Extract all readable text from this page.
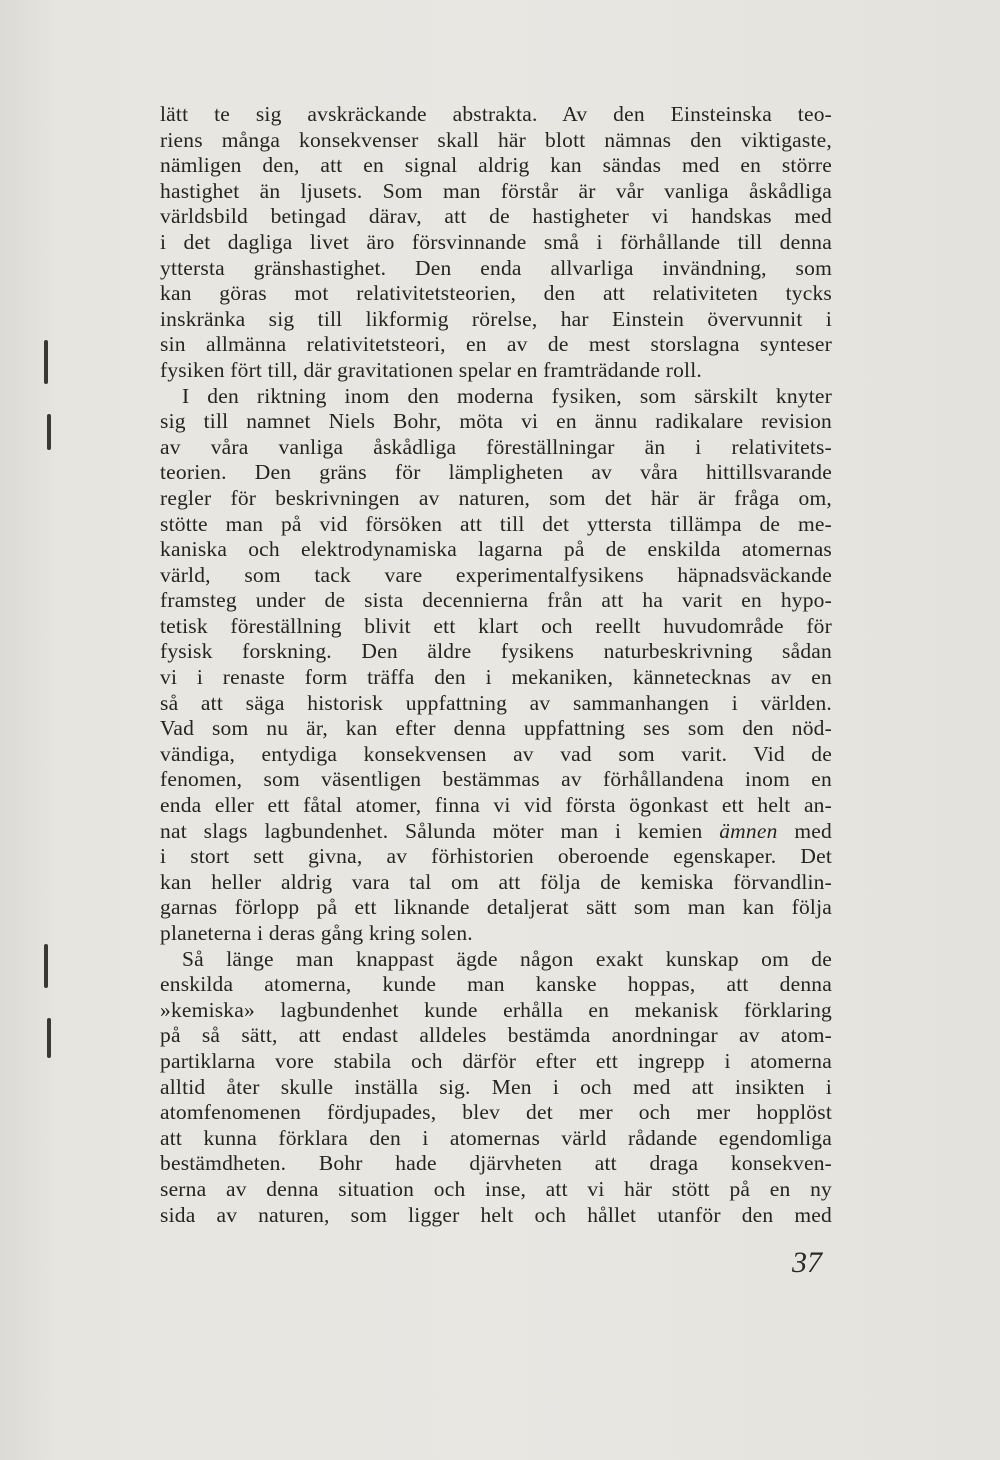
lätt te sig avskräckande abstrakta. Av den Einsteinska teo-
riens många konsekvenser skall här blott nämnas den viktigaste,
nämligen den, att en signal aldrig kan sändas med en större
hastighet än ljusets. Som man förstår är vår vanliga åskådliga
världsbild betingad därav, att de hastigheter vi handskas med
i det dagliga livet äro försvinnande små i förhållande till denna
yttersta gränshastighet. Den enda allvarliga invändning, som
kan göras mot relativitetsteorien, den att relativiteten tycks
inskränka sig till likformig rörelse, har Einstein övervunnit i
sin allmänna relativitetsteori, en av de mest storslagna synteser
fysiken fört till, där gravitationen spelar en framträdande roll.
I den riktning inom den moderna fysiken, som särskilt knyter
sig till namnet Niels Bohr, möta vi en ännu radikalare revision
av våra vanliga åskådliga föreställningar än i relativitets-
teorien. Den gräns för lämpligheten av våra hittillsvarande
regler för beskrivningen av naturen, som det här är fråga om,
stötte man på vid försöken att till det yttersta tillämpa de me-
kaniska och elektrodynamiska lagarna på de enskilda atomernas
värld, som tack vare experimentalfysikens häpnadsväckande
framsteg under de sista decennierna från att ha varit en hypo-
tetisk föreställning blivit ett klart och reellt huvudområde för
fysisk forskning. Den äldre fysikens naturbeskrivning sådan
vi i renaste form träffa den i mekaniken, kännetecknas av en
så att säga historisk uppfattning av sammanhangen i världen.
Vad som nu är, kan efter denna uppfattning ses som den nöd-
vändiga, entydiga konsekvensen av vad som varit. Vid de
fenomen, som väsentligen bestämmas av förhållandena inom en
enda eller ett fåtal atomer, finna vi vid första ögonkast ett helt an-
nat slags lagbundenhet. Sålunda möter man i kemien ämnen med
i stort sett givna, av förhistorien oberoende egenskaper. Det
kan heller aldrig vara tal om att följa de kemiska förvandlin-
garnas förlopp på ett liknande detaljerat sätt som man kan följa
planeterna i deras gång kring solen.
Så länge man knappast ägde någon exakt kunskap om de
enskilda atomerna, kunde man kanske hoppas, att denna
»kemiska» lagbundenhet kunde erhålla en mekanisk förklaring
på så sätt, att endast alldeles bestämda anordningar av atom-
partiklarna vore stabila och därför efter ett ingrepp i atomerna
alltid åter skulle inställa sig. Men i och med att insikten i
atomfenomenen fördjupades, blev det mer och mer hopplöst
att kunna förklara den i atomernas värld rådande egendomliga
bestämdheten. Bohr hade djärvheten att draga konsekven-
serna av denna situation och inse, att vi här stött på en ny
sida av naturen, som ligger helt och hållet utanför den med
37
